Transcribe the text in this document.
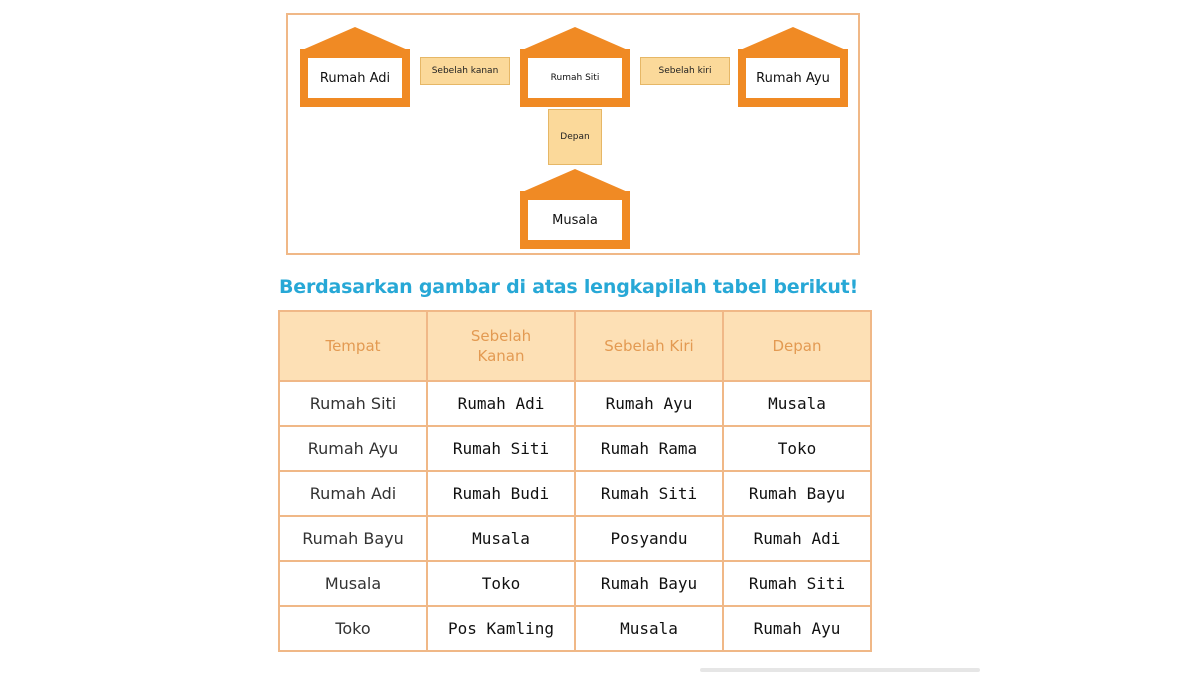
Rumah Adi	Sebelah kanan
Rumah Siti
Sebelah kiri	Rumah Ayu
Depan
Musala
Berdasarkan gambar di atas lengkapilah tabel berikut!
Tempat	Sebelah Kanan	Sebelah Kiri	Depan
Rumah Siti	Rumah Adi	Rumah Ayu	Musala
Rumah Ayu	Rumah Siti	Rumah Rama	Toko
Rumah Adi	Rumah Budi	Rumah Siti	Rumah Bayu
Rumah Bayu	Musala	Posyandu	Rumah Adi
Musala	Toko	Rumah Bayu	Rumah Siti
Toko	Pos Kamling	Musala	Rumah Ayu
